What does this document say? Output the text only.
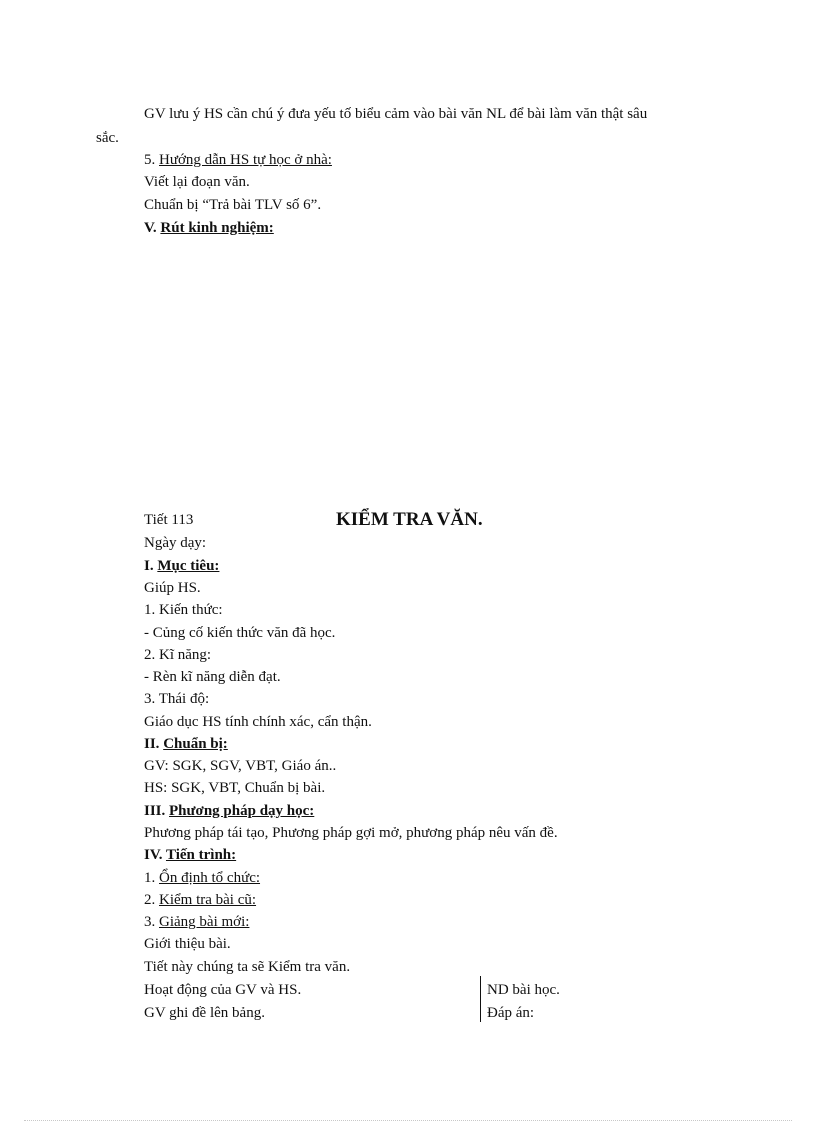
GV lưu ý HS cần chú ý đưa yếu tố biểu cảm vào bài văn NL để bài làm văn thật sâu
sắc.
5. Hướng dẫn HS tự học ở nhà:
Viết lại đoạn văn.
Chuẩn bị “Trả bài TLV số 6”.
V. Rút kinh nghiệm:
Tiết 113	KIỂM TRA VĂN.
Ngày dạy:
I. Mục tiêu:
Giúp HS.
1. Kiến thức:
- Củng cố kiến thức văn đã học.
2. Kĩ năng:
- Rèn kĩ năng diễn đạt.
3. Thái độ:
Giáo dục HS tính chính xác, cẩn thận.
II. Chuẩn bị:
GV: SGK, SGV, VBT, Giáo án..
HS: SGK, VBT, Chuẩn bị bài.
III. Phương pháp dạy học:
Phương pháp tái tạo, Phương pháp gợi mở, phương pháp nêu vấn đề.
IV. Tiến trình:
1. Ổn định tổ chức:
2. Kiểm tra bài cũ:
3. Giảng bài mới:
Giới thiệu bài.
Tiết này chúng ta sẽ Kiểm tra văn.
Hoạt động của GV và HS.	ND bài học.
GV ghi đề lên bảng.	Đáp án:
